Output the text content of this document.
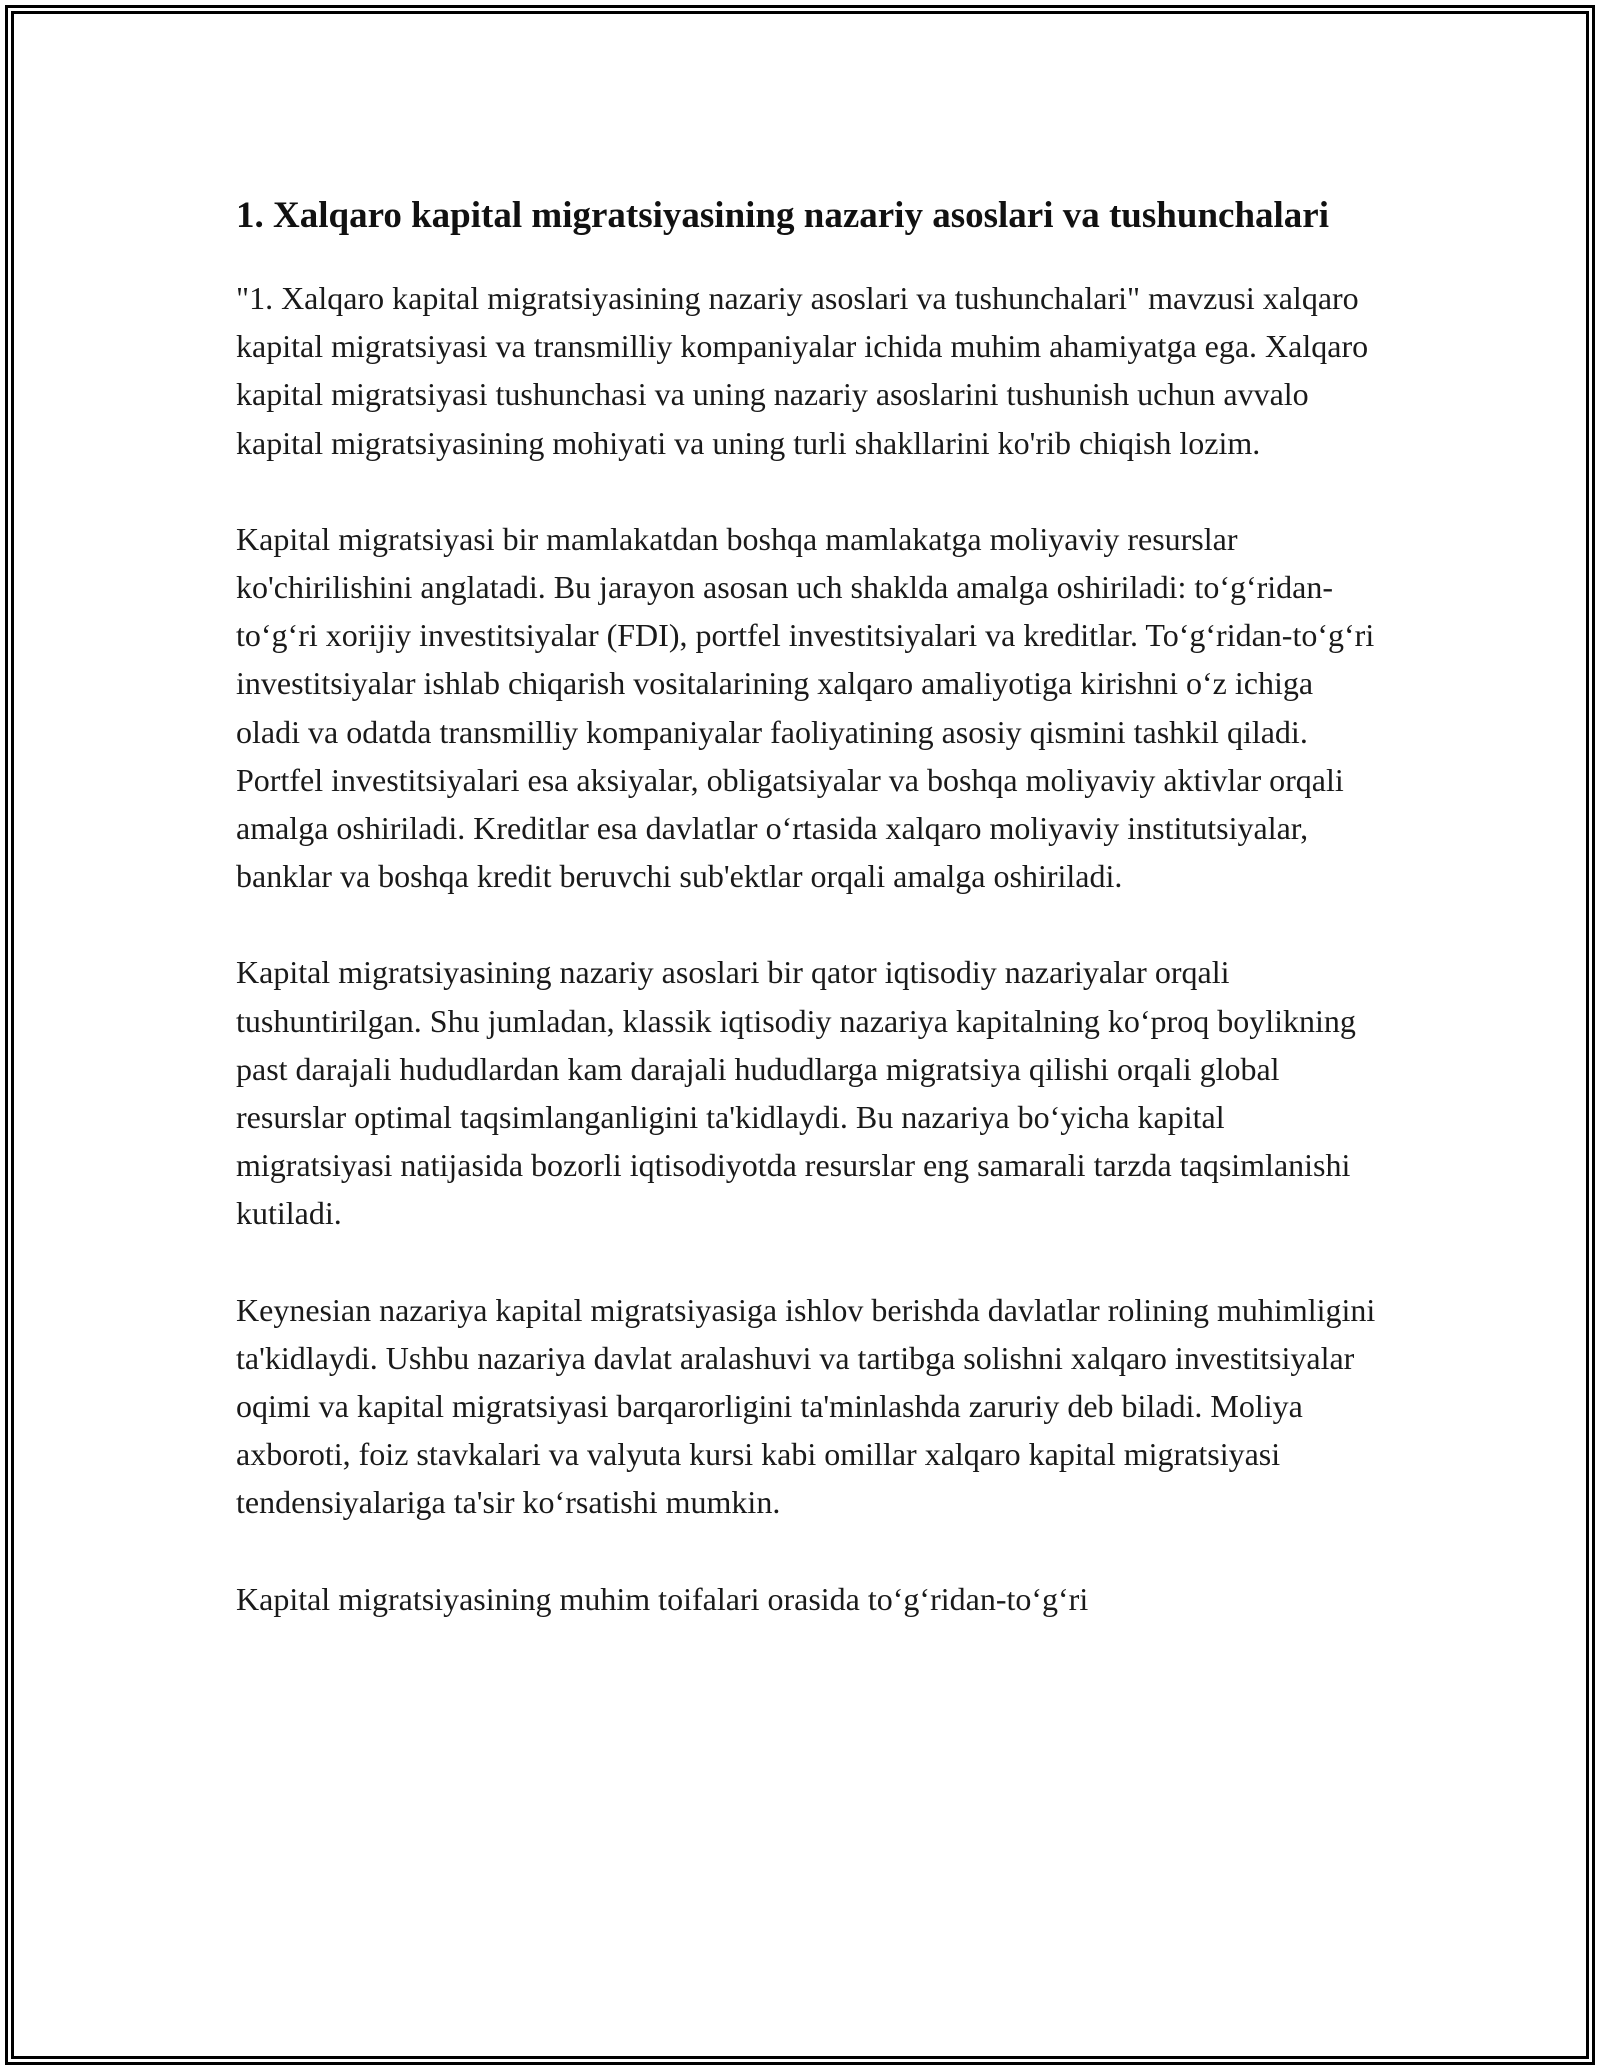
1. Xalqaro kapital migratsiyasining nazariy asoslari va tushunchalari

"1. Xalqaro kapital migratsiyasining nazariy asoslari va tushunchalari" mavzusi xalqaro kapital migratsiyasi va transmilliy kompaniyalar ichida muhim ahamiyatga ega. Xalqaro kapital migratsiyasi tushunchasi va uning nazariy asoslarini tushunish uchun avvalo kapital migratsiyasining mohiyati va uning turli shakllarini ko'rib chiqish lozim.

Kapital migratsiyasi bir mamlakatdan boshqa mamlakatga moliyaviy resurslar ko'chirilishini anglatadi. Bu jarayon asosan uch shaklda amalga oshiriladi: to‘g‘ridan-to‘g‘ri xorijiy investitsiyalar (FDI), portfel investitsiyalari va kreditlar. To‘g‘ridan-to‘g‘ri investitsiyalar ishlab chiqarish vositalarining xalqaro amaliyotiga kirishni o‘z ichiga oladi va odatda transmilliy kompaniyalar faoliyatining asosiy qismini tashkil qiladi. Portfel investitsiyalari esa aksiyalar, obligatsiyalar va boshqa moliyaviy aktivlar orqali amalga oshiriladi. Kreditlar esa davlatlar o‘rtasida xalqaro moliyaviy institutsiyalar, banklar va boshqa kredit beruvchi sub'ektlar orqali amalga oshiriladi.

Kapital migratsiyasining nazariy asoslari bir qator iqtisodiy nazariyalar orqali tushuntirilgan. Shu jumladan, klassik iqtisodiy nazariya kapitalning ko‘proq boylikning past darajali hududlardan kam darajali hududlarga migratsiya qilishi orqali global resurslar optimal taqsimlanganligini ta'kidlaydi. Bu nazariya bo‘yicha kapital migratsiyasi natijasida bozorli iqtisodiyotda resurslar eng samarali tarzda taqsimlanishi kutiladi.

Keynesian nazariya kapital migratsiyasiga ishlov berishda davlatlar rolining muhimligini ta'kidlaydi. Ushbu nazariya davlat aralashuvi va tartibga solishni xalqaro investitsiyalar oqimi va kapital migratsiyasi barqarorligini ta'minlashda zaruriy deb biladi. Moliya axboroti, foiz stavkalari va valyuta kursi kabi omillar xalqaro kapital migratsiyasi tendensiyalariga ta'sir ko‘rsatishi mumkin.

Kapital migratsiyasining muhim toifalari orasida to‘g‘ridan-to‘g‘ri
